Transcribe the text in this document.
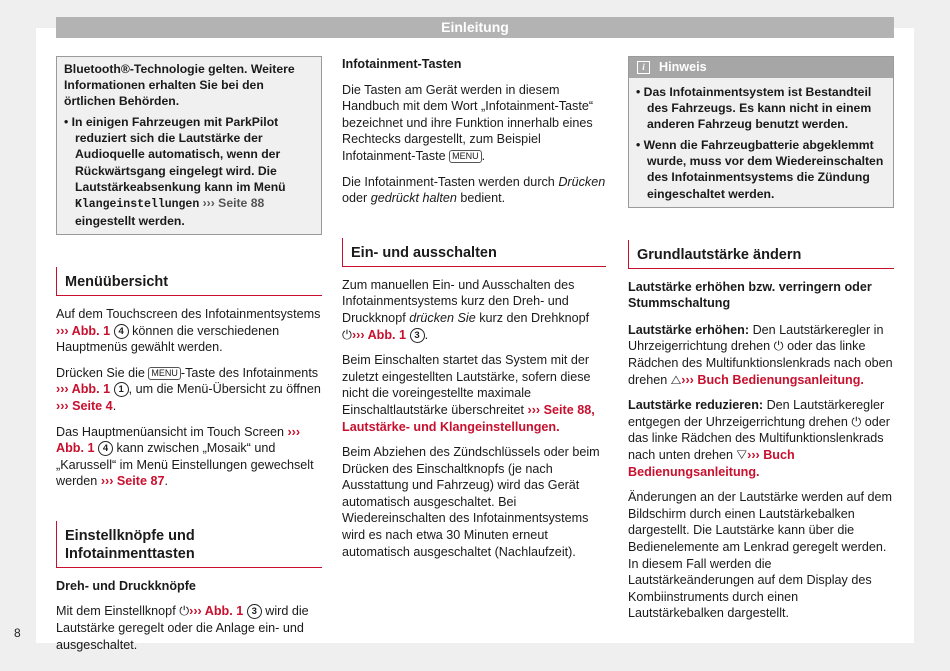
Einleitung
8

Bluetooth®-Technologie gelten. Weitere Informationen erhalten Sie bei den örtlichen Behörden.

• In einigen Fahrzeugen mit ParkPilot reduziert sich die Lautstärke der Audioquelle automatisch, wenn der Rückwärtsgang eingelegt wird. Die Lautstärkeabsenkung kann im Menü Klangeinstellungen ››› Seite 88 eingestellt werden.

Menüübersicht

Auf dem Touchscreen des Infotainmentsystems ››› Abb. 1 4 können die verschiedenen Hauptmenüs gewählt werden.

Drücken Sie die MENU -Taste des Infotainments ››› Abb. 1 1 , um die Menü-Übersicht zu öffnen ››› Seite 4.

Das Hauptmenüansicht im Touch Screen ››› Abb. 1 4 kann zwischen „Mosaik“ und „Karussell“ im Menü Einstellungen gewechselt werden ››› Seite 87.

Einstellknöpfe und Infotainmenttasten

Dreh- und Druckknöpfe

Mit dem Einstellknopf ⏻››› Abb. 1 3 wird die Lautstärke geregelt oder die Anlage ein- und ausgeschaltet.

Infotainment-Tasten

Die Tasten am Gerät werden in diesem Handbuch mit dem Wort „Infotainment-Taste“ bezeichnet und ihre Funktion innerhalb eines Rechtecks dargestellt, zum Beispiel Infotainment-Taste MENU .

Die Infotainment-Tasten werden durch Drücken oder gedrückt halten bedient.

Ein- und ausschalten

Zum manuellen Ein- und Ausschalten des Infotainmentsystems kurz den Dreh- und Druckknopf drücken Sie kurz den Drehknopf ⏻››› Abb. 1 3 .

Beim Einschalten startet das System mit der zuletzt eingestellten Lautstärke, sofern diese nicht die voreingestellte maximale Einschaltlautstärke überschreitet ››› Seite 88, Lautstärke- und Klangeinstellungen.

Beim Abziehen des Zündschlüssels oder beim Drücken des Einschaltknopfs (je nach Ausstattung und Fahrzeug) wird das Gerät automatisch ausgeschaltet. Bei Wiedereinschalten des Infotainmentsystems wird es nach etwa 30 Minuten erneut automatisch ausgeschaltet (Nachlaufzeit).

i	Hinweis

• Das Infotainmentsystem ist Bestandteil des Fahrzeugs. Es kann nicht in einem anderen Fahrzeug benutzt werden.

• Wenn die Fahrzeugbatterie abgeklemmt wurde, muss vor dem Wiedereinschalten des Infotainmentsystems die Zündung eingeschaltet werden.

Grundlautstärke ändern

Lautstärke erhöhen bzw. verringern oder Stummschaltung

Lautstärke erhöhen: Den Lautstärkeregler in Uhrzeigerrichtung drehen ⏻ oder das linke Rädchen des Multifunktionslenkrads nach oben drehen △››› Buch Bedienungsanleitung.

Lautstärke reduzieren: Den Lautstärkeregler entgegen der Uhrzeigerrichtung drehen ⏻ oder das linke Rädchen des Multifunktionslenkrads nach unten drehen ▽››› Buch Bedienungsanleitung.

Änderungen an der Lautstärke werden auf dem Bildschirm durch einen Lautstärkebalken dargestellt. Die Lautstärke kann über die Bedienelemente am Lenkrad geregelt werden. In diesem Fall werden die Lautstärkeänderungen auf dem Display des Kombiinstruments durch einen Lautstärkebalken dargestellt.
